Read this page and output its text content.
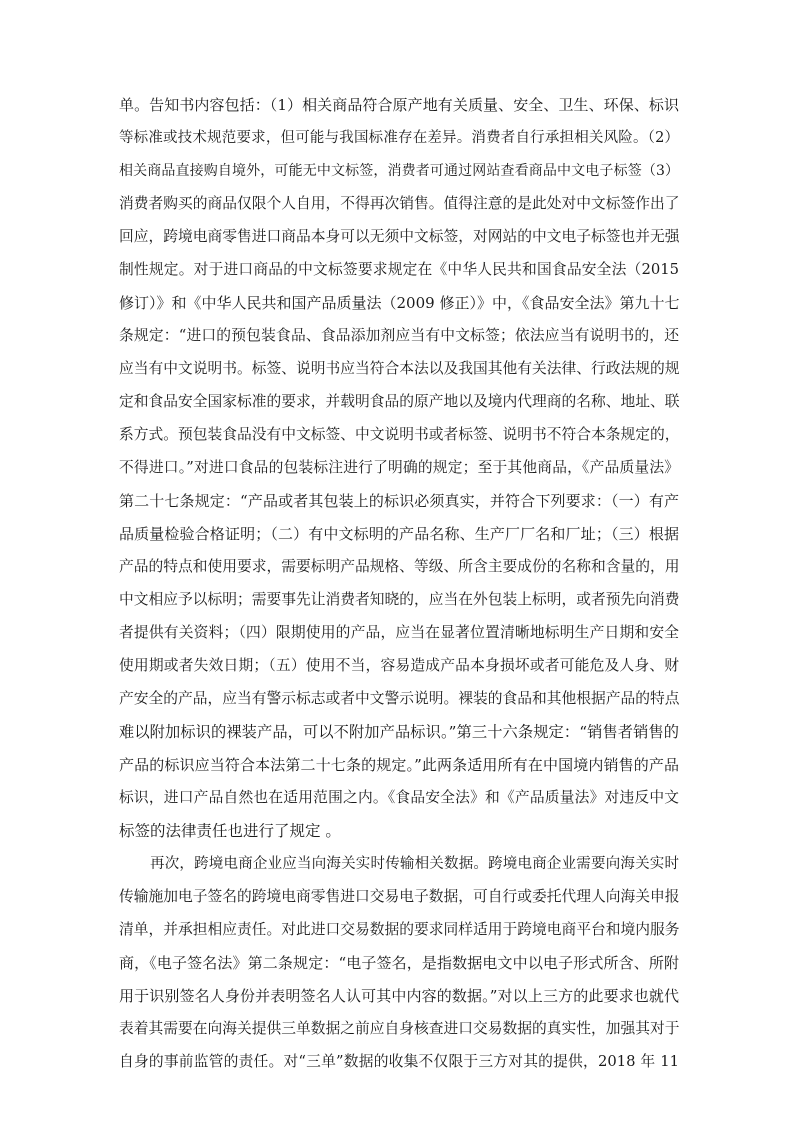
单。告知书内容包括：（1）相关商品符合原产地有关质量、安全、卫生、环保、标识
等标准或技术规范要求，但可能与我国标准存在差异。消费者自行承担相关风险。（2）
相关商品直接购自境外，可能无中文标签，消费者可通过网站查看商品中文电子标签（3）
消费者购买的商品仅限个人自用，不得再次销售。值得注意的是此处对中文标签作出了
回应，跨境电商零售进口商品本身可以无须中文标签，对网站的中文电子标签也并无强
制性规定。对于进口商品的中文标签要求规定在《中华人民共和国食品安全法（2015
修订）》和《中华人民共和国产品质量法（2009 修正）》中，《食品安全法》第九十七
条规定：“进口的预包装食品、食品添加剂应当有中文标签；依法应当有说明书的，还
应当有中文说明书。标签、说明书应当符合本法以及我国其他有关法律、行政法规的规
定和食品安全国家标准的要求，并载明食品的原产地以及境内代理商的名称、地址、联
系方式。预包装食品没有中文标签、中文说明书或者标签、说明书不符合本条规定的，
不得进口。”对进口食品的包装标注进行了明确的规定；至于其他商品，《产品质量法》
第二十七条规定：“产品或者其包装上的标识必须真实，并符合下列要求：（一）有产
品质量检验合格证明；（二）有中文标明的产品名称、生产厂厂名和厂址；（三）根据
产品的特点和使用要求，需要标明产品规格、等级、所含主要成份的名称和含量的，用
中文相应予以标明；需要事先让消费者知晓的，应当在外包装上标明，或者预先向消费
者提供有关资料；（四）限期使用的产品，应当在显著位置清晰地标明生产日期和安全
使用期或者失效日期；（五）使用不当，容易造成产品本身损坏或者可能危及人身、财
产安全的产品，应当有警示标志或者中文警示说明。裸装的食品和其他根据产品的特点
难以附加标识的裸装产品，可以不附加产品标识。”第三十六条规定：“销售者销售的
产品的标识应当符合本法第二十七条的规定。”此两条适用所有在中国境内销售的产品
标识，进口产品自然也在适用范围之内。《食品安全法》和《产品质量法》对违反中文
标签的法律责任也进行了规定 。
再次，跨境电商企业应当向海关实时传输相关数据。跨境电商企业需要向海关实时
传输施加电子签名的跨境电商零售进口交易电子数据，可自行或委托代理人向海关申报
清单，并承担相应责任。对此进口交易数据的要求同样适用于跨境电商平台和境内服务
商，《电子签名法》第二条规定：“电子签名，是指数据电文中以电子形式所含、所附
用于识别签名人身份并表明签名人认可其中内容的数据。”对以上三方的此要求也就代
表着其需要在向海关提供三单数据之前应自身核查进口交易数据的真实性，加强其对于
自身的事前监管的责任。对“三单”数据的收集不仅限于三方对其的提供，2018 年 11
